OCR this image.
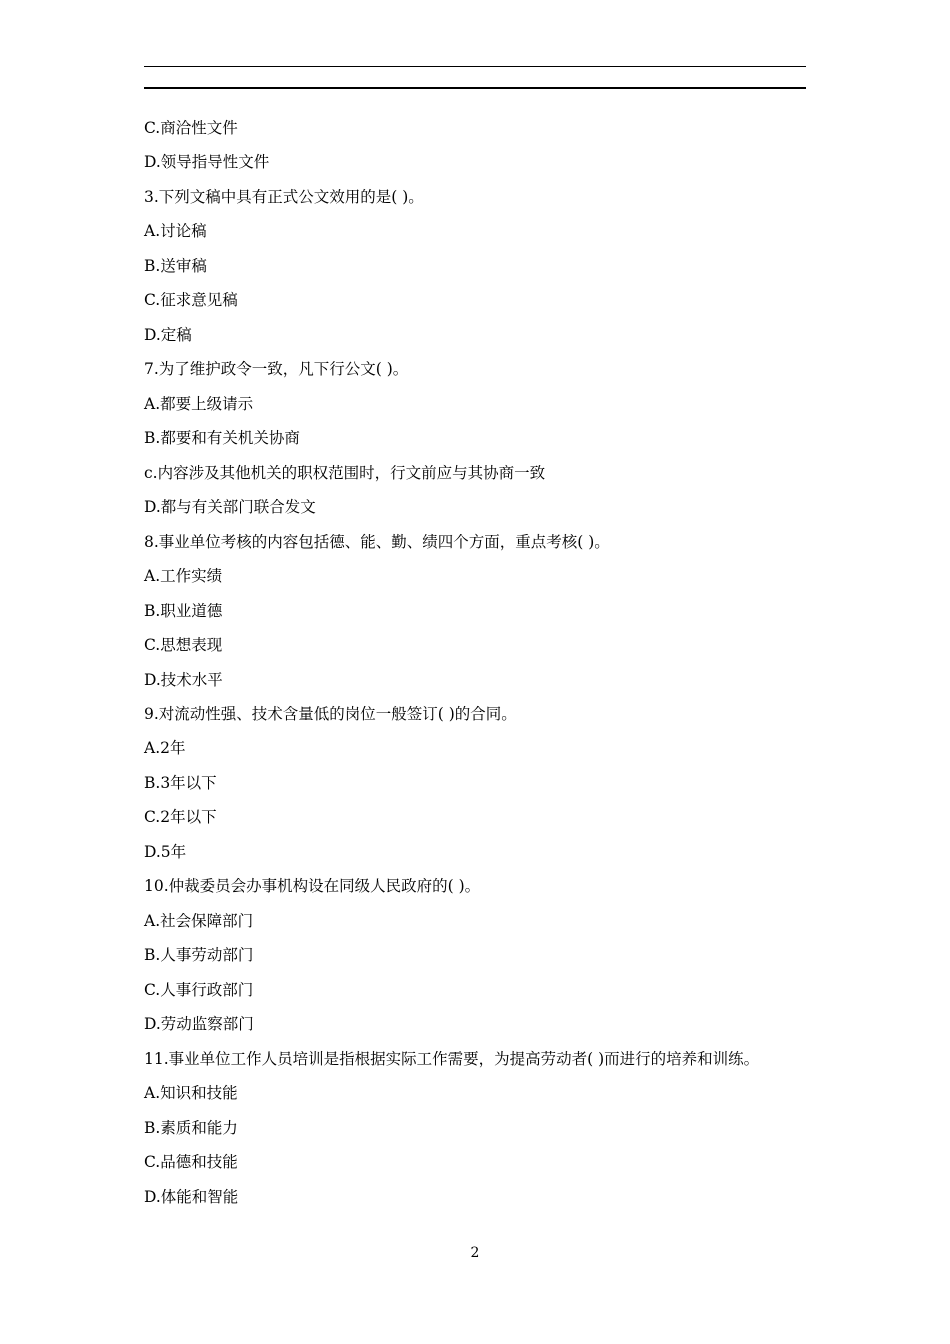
C.商洽性文件
D.领导指导性文件
3.下列文稿中具有正式公文效用的是( )。
A.讨论稿
B.送审稿
C.征求意见稿
D.定稿
7.为了维护政令一致，凡下行公文( )。
A.都要上级请示
B.都要和有关机关协商
c.内容涉及其他机关的职权范围时，行文前应与其协商一致
D.都与有关部门联合发文
8.事业单位考核的内容包括德、能、勤、绩四个方面，重点考核( )。
A.工作实绩
B.职业道德
C.思想表现
D.技术水平
9.对流动性强、技术含量低的岗位一般签订( )的合同。
A.2年
B.3年以下
C.2年以下
D.5年
10.仲裁委员会办事机构设在同级人民政府的( )。
A.社会保障部门
B.人事劳动部门
C.人事行政部门
D.劳动监察部门
11.事业单位工作人员培训是指根据实际工作需要，为提高劳动者( )而进行的培养和训练。
A.知识和技能
B.素质和能力
C.品德和技能
D.体能和智能
2
